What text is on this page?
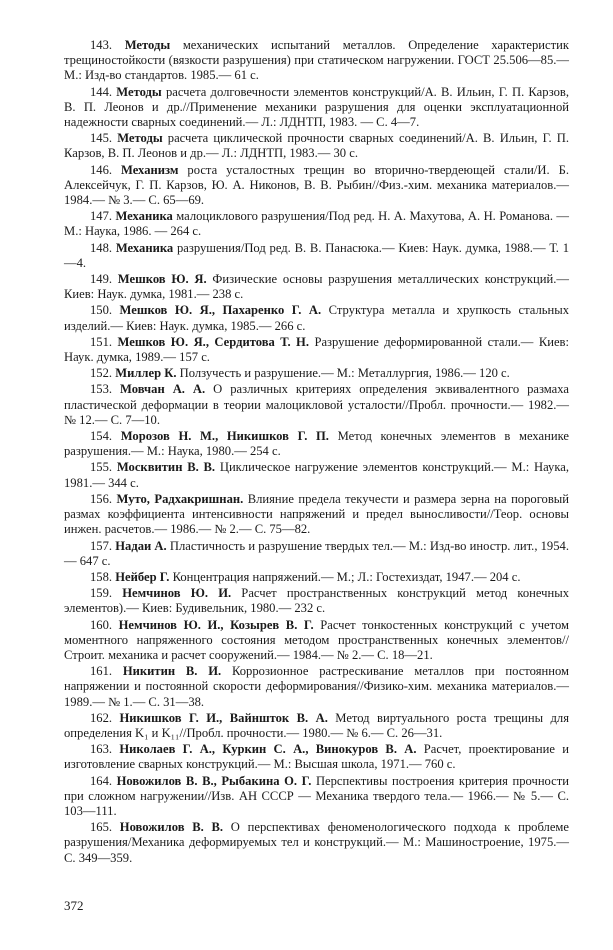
143. Методы механических испытаний металлов. Определение характеристик трещиностойкости (вязкости разрушения) при статическом нагружении. ГОСТ 25.506—85.— М.: Изд-во стандартов. 1985.— 61 с.

144. Методы расчета долговечности элементов конструкций/А. В. Ильин, Г. П. Карзов, В. П. Леонов и др.//Применение механики разрушения для оценки эксплуатационной надежности сварных соединений.— Л.: ЛДНТП, 1983. — С. 4—7.

145. Методы расчета циклической прочности сварных соединений/А. В. Ильин, Г. П. Карзов, В. П. Леонов и др.— Л.: ЛДНТП, 1983.— 30 с.

146. Механизм роста усталостных трещин во вторично-твердеющей стали/И. Б. Алексейчук, Г. П. Карзов, Ю. А. Никонов, В. В. Рыбин//Физ.-хим. механика материалов.—1984.— № 3.— С. 65—69.

147. Механика малоциклового разрушения/Под ред. Н. А. Махутова, А. Н. Романова. — М.: Наука, 1986. — 264 с.

148. Механика разрушения/Под ред. В. В. Панасюка.— Киев: Наук. думка, 1988.— Т. 1—4.

149. Мешков Ю. Я. Физические основы разрушения металлических конструкций.— Киев: Наук. думка, 1981.— 238 с.

150. Мешков Ю. Я., Пахаренко Г. А. Структура металла и хрупкость стальных изделий.— Киев: Наук. думка, 1985.— 266 с.

151. Мешков Ю. Я., Сердитова Т. Н. Разрушение деформированной стали.— Киев: Наук. думка, 1989.— 157 с.

152. Миллер К. Ползучесть и разрушение.— М.: Металлургия, 1986.— 120 с.

153. Мовчан А. А. О различных критериях определения эквивалентного размаха пластической деформации в теории малоцикловой усталости//Пробл. прочности.— 1982.— № 12.— С. 7—10.

154. Морозов Н. М., Никишков Г. П. Метод конечных элементов в механике разрушения.— М.: Наука, 1980.— 254 с.

155. Москвитин В. В. Циклическое нагружение элементов конструкций.— М.: Наука, 1981.— 344 с.

156. Муто, Радхакришнан. Влияние предела текучести и размера зерна на пороговый размах коэффициента интенсивности напряжений и предел выносливости//Теор. основы инжен. расчетов.— 1986.— № 2.— С. 75—82.

157. Надаи А. Пластичность и разрушение твердых тел.— М.: Изд-во иностр. лит., 1954.— 647 с.

158. Нейбер Г. Концентрация напряжений.— М.; Л.: Гостехиздат, 1947.— 204 с.

159. Немчинов Ю. И. Расчет пространственных конструкций метод конечных элементов).— Киев: Будивельник, 1980.— 232 с.

160. Немчинов Ю. И., Козырев В. Г. Расчет тонкостенных конструкций с учетом моментного напряженного состояния методом пространственных конечных элементов//Строит. механика и расчет сооружений.— 1984.— № 2.— С. 18—21.

161. Никитин В. И. Коррозионное растрескивание металлов при постоянном напряжении и постоянной скорости деформирования//Физико-хим. механика материалов.—1989.— № 1.— С. 31—38.

162. Никишков Г. И., Вайншток В. А. Метод виртуального роста трещины для определения K₁ и K₁₁//Пробл. прочности.— 1980.— № 6.— С. 26—31.

163. Николаев Г. А., Куркин С. А., Винокуров В. А. Расчет, проектирование и изготовление сварных конструкций.— М.: Высшая школа, 1971.— 760 с.

164. Новожилов В. В., Рыбакина О. Г. Перспективы построения критерия прочности при сложном нагружении//Изв. АН СССР — Механика твердого тела.— 1966.— № 5.— С. 103—111.

165. Новожилов В. В. О перспективах феноменологического подхода к проблеме разрушения/Механика деформируемых тел и конструкций.— М.: Машиностроение, 1975.— С. 349—359.

372
